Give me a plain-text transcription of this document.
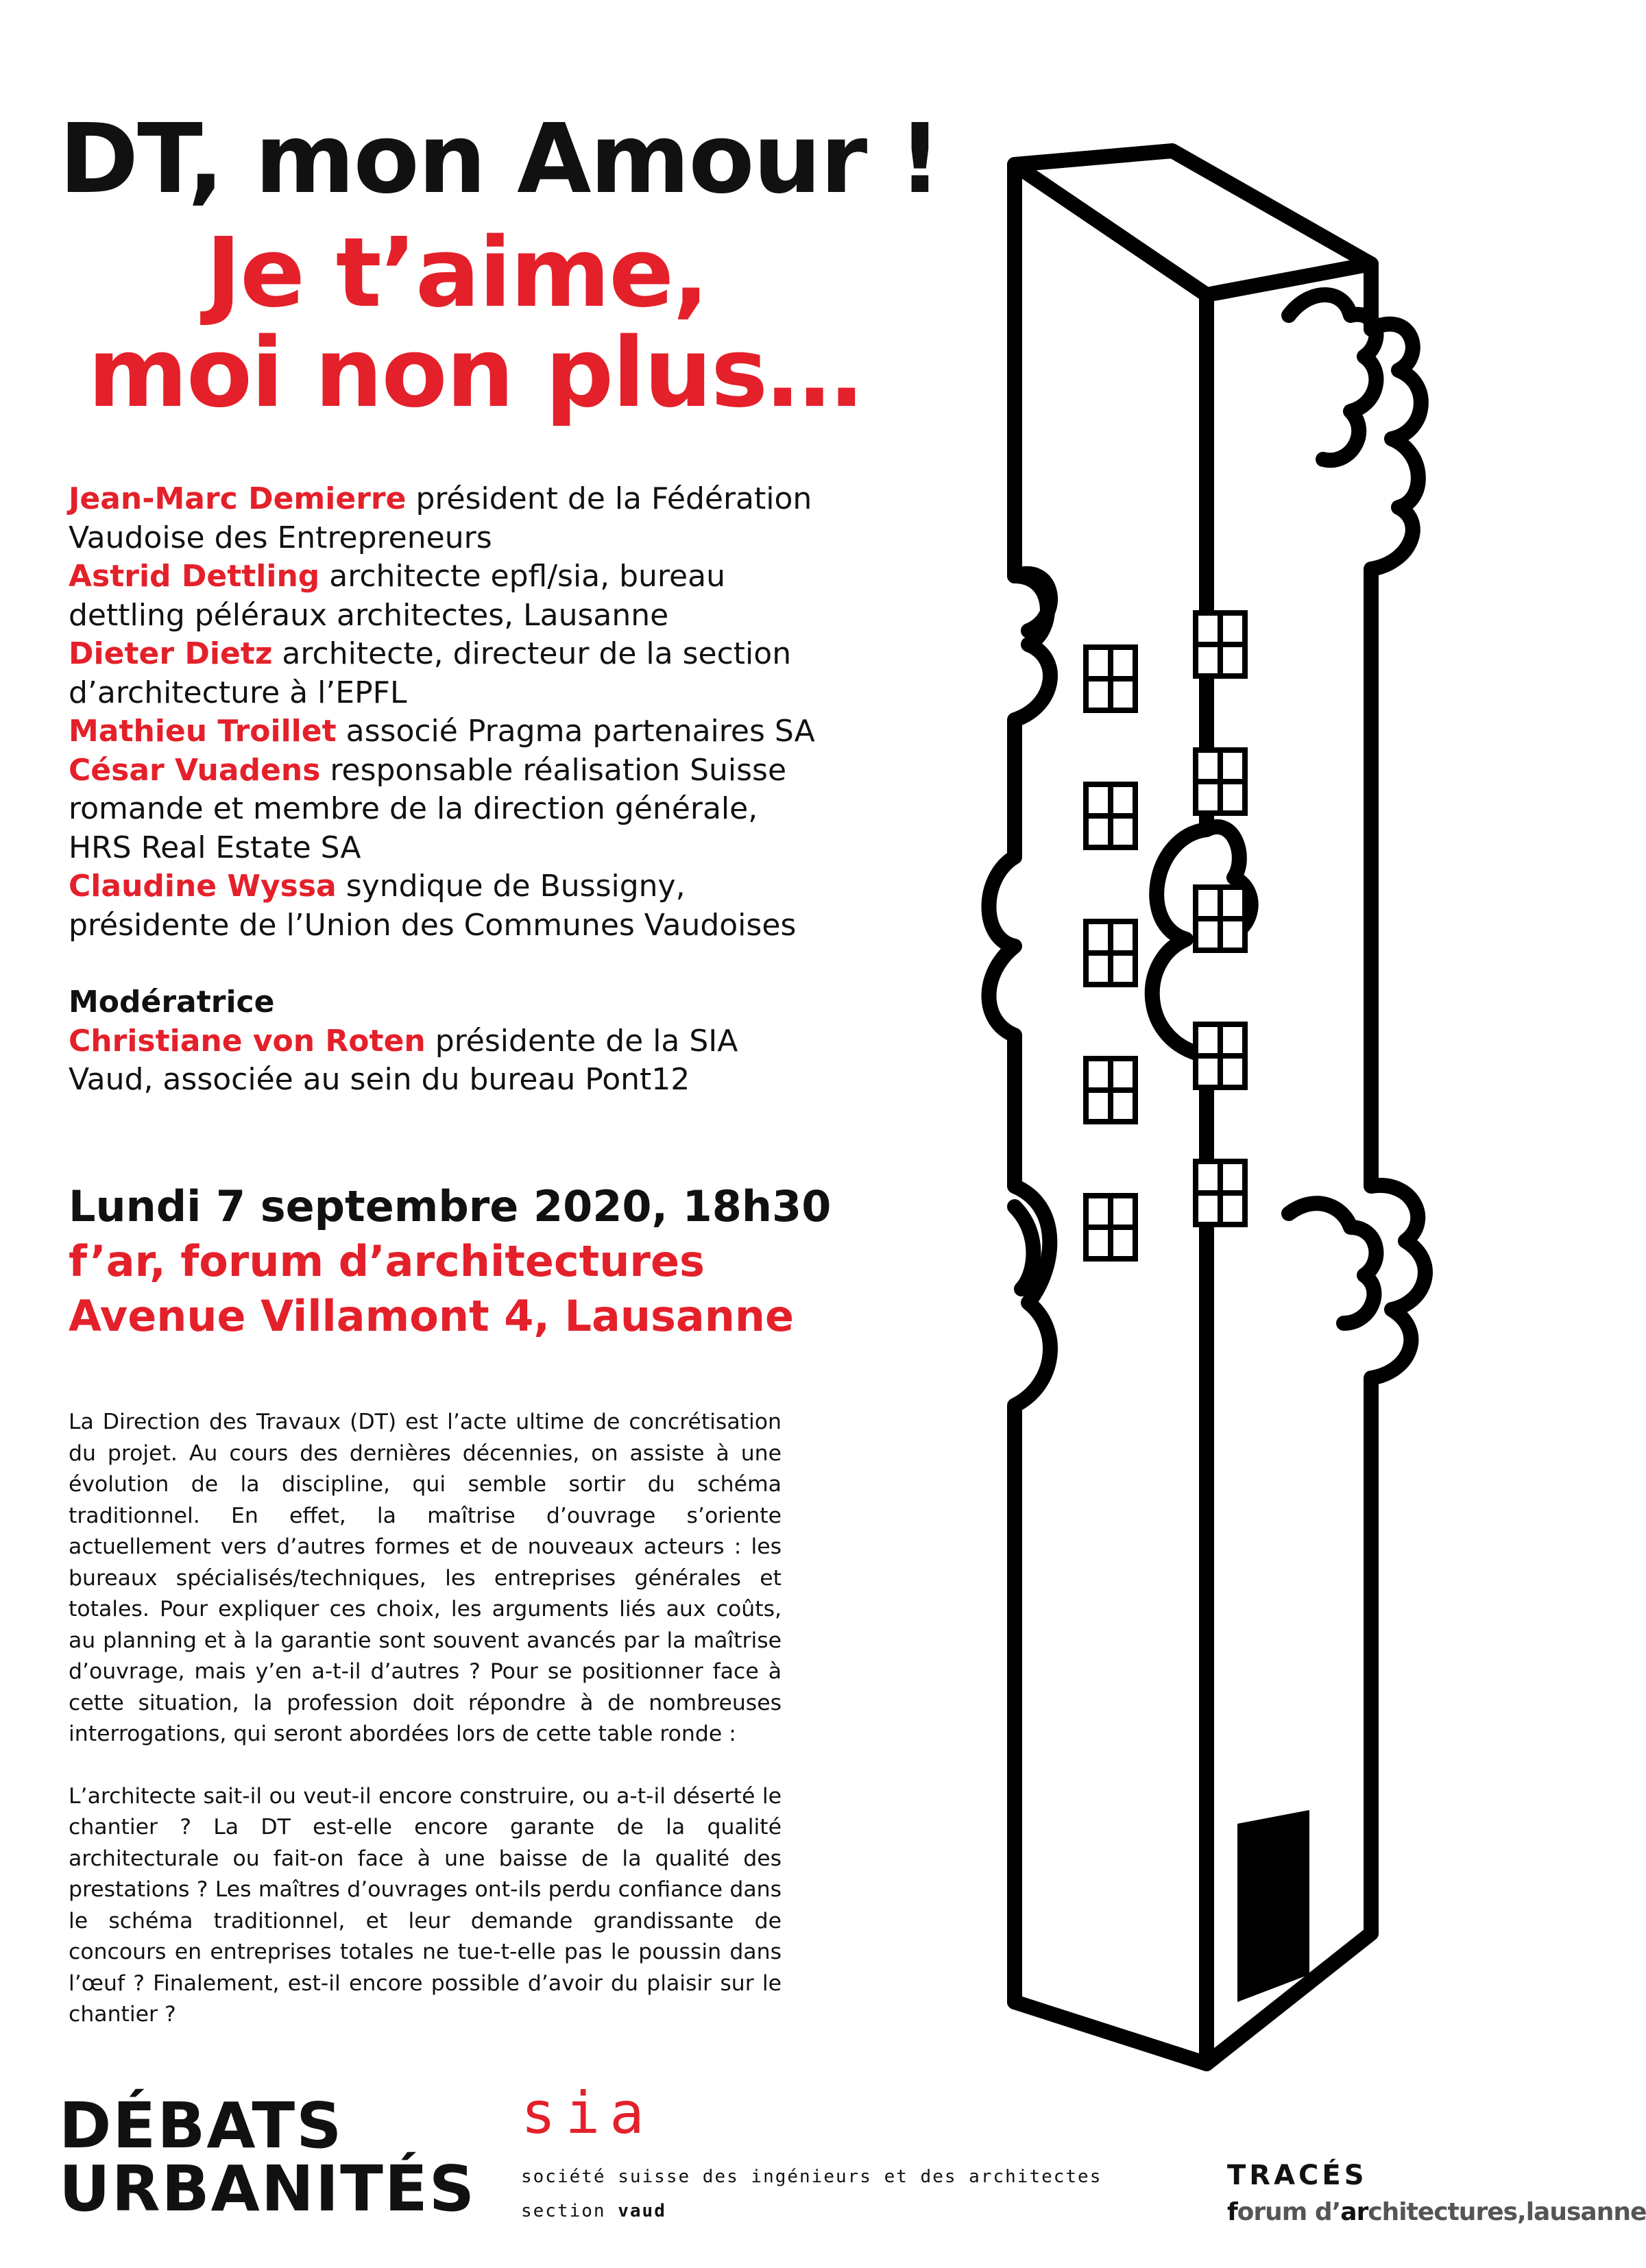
DT, mon Amour !
Je t’aime,
moi non plus…

Jean-Marc Demierre président de la Fédération Vaudoise des Entrepreneurs

Astrid Dettling architecte epfl/sia, bureau dettling péléraux architectes, Lausanne

Dieter Dietz architecte, directeur de la section d’architecture à l’EPFL

Mathieu Troillet associé Pragma partenaires SA

César Vuadens responsable réalisation Suisse romande et membre de la direction générale, HRS Real Estate SA

Claudine Wyssa syndique de Bussigny, présidente de l’Union des Communes Vaudoises

Modératrice

Christiane von Roten présidente de la SIA Vaud, associée au sein du bureau Pont12

Lundi 7 septembre 2020, 18h30
f’ar, forum d’architectures
Avenue Villamont 4, Lausanne

La Direction des Travaux (DT) est l’acte ultime de concrétisation du projet. Au cours des dernières décennies, on assiste à une évolution de la discipline, qui semble sortir du schéma traditionnel. En effet, la maîtrise d’ouvrage s’oriente actuellement vers d’autres formes et de nouveaux acteurs : les bureaux spécialisés/techniques, les entreprises générales et totales. Pour expliquer ces choix, les arguments liés aux coûts, au planning et à la garantie sont souvent avancés par la maîtrise d’ouvrage, mais y’en a-t-il d’autres ? Pour se positionner face à cette situation, la profession doit répondre à de nombreuses interrogations, qui seront abordées lors de cette table ronde :

L’architecte sait-il ou veut-il encore construire, ou a-t-il déserté le chantier ? La DT est-elle encore garante de la qualité architecturale ou fait-on face à une baisse de la qualité des prestations ? Les maîtres d’ouvrages ont-ils perdu confiance dans le schéma traditionnel, et leur demande grandissante de concours en entreprises totales ne tue-t-elle pas le poussin dans l’œuf ? Finalement, est-il encore possible d’avoir du plaisir sur le chantier ?

DÉBATS
URBANITÉS
sia
société suisse des ingénieurs et des architectes
section vaud
TRACÉS
forum d’architectures,lausanne
